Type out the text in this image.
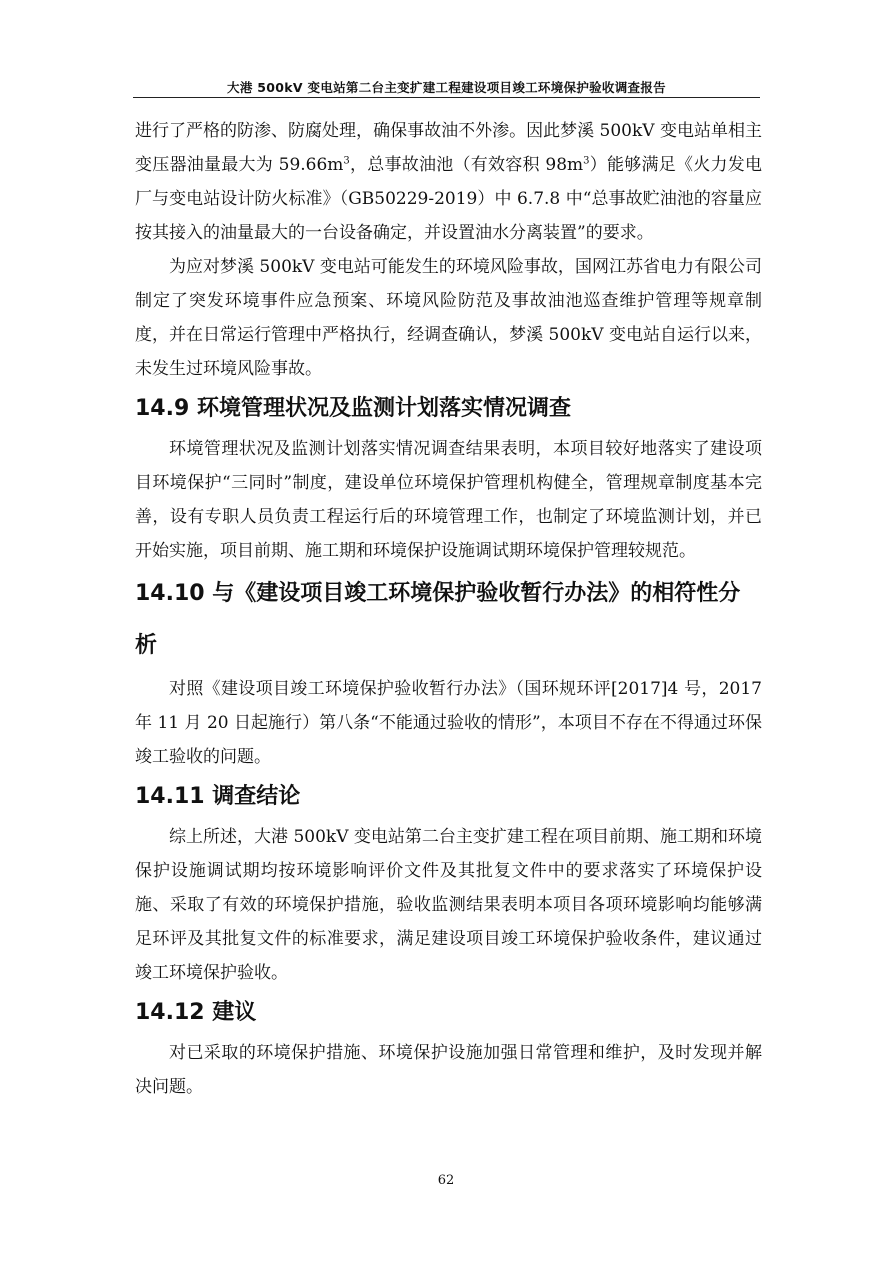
大港 500kV 变电站第二台主变扩建工程建设项目竣工环境保护验收调查报告

进行了严格的防渗、防腐处理，确保事故油不外渗。因此梦溪 500kV 变电站单相主变压器油量最大为 $59.66m^3$，总事故油池（有效容积 $98m^3$）能够满足《火力发电厂与变电站设计防火标准》（GB50229-2019）中 6.7.8 中“总事故贮油池的容量应按其接入的油量最大的一台设备确定，并设置油水分离装置”的要求。

为应对梦溪 500kV 变电站可能发生的环境风险事故，国网江苏省电力有限公司制定了突发环境事件应急预案、环境风险防范及事故油池巡查维护管理等规章制度，并在日常运行管理中严格执行，经调查确认，梦溪 500kV 变电站自运行以来，未发生过环境风险事故。

14.9 环境管理状况及监测计划落实情况调查

环境管理状况及监测计划落实情况调查结果表明，本项目较好地落实了建设项目环境保护“三同时”制度，建设单位环境保护管理机构健全，管理规章制度基本完善，设有专职人员负责工程运行后的环境管理工作，也制定了环境监测计划，并已开始实施，项目前期、施工期和环境保护设施调试期环境保护管理较规范。

14.10 与《建设项目竣工环境保护验收暂行办法》的相符性分析

对照《建设项目竣工环境保护验收暂行办法》（国环规环评[2017]4 号，2017 年 11 月 20 日起施行）第八条“不能通过验收的情形”，本项目不存在不得通过环保竣工验收的问题。

14.11 调查结论

综上所述，大港 500kV 变电站第二台主变扩建工程在项目前期、施工期和环境保护设施调试期均按环境影响评价文件及其批复文件中的要求落实了环境保护设施、采取了有效的环境保护措施，验收监测结果表明本项目各项环境影响均能够满足环评及其批复文件的标准要求，满足建设项目竣工环境保护验收条件，建议通过竣工环境保护验收。

14.12 建议

对已采取的环境保护措施、环境保护设施加强日常管理和维护，及时发现并解决问题。

62
